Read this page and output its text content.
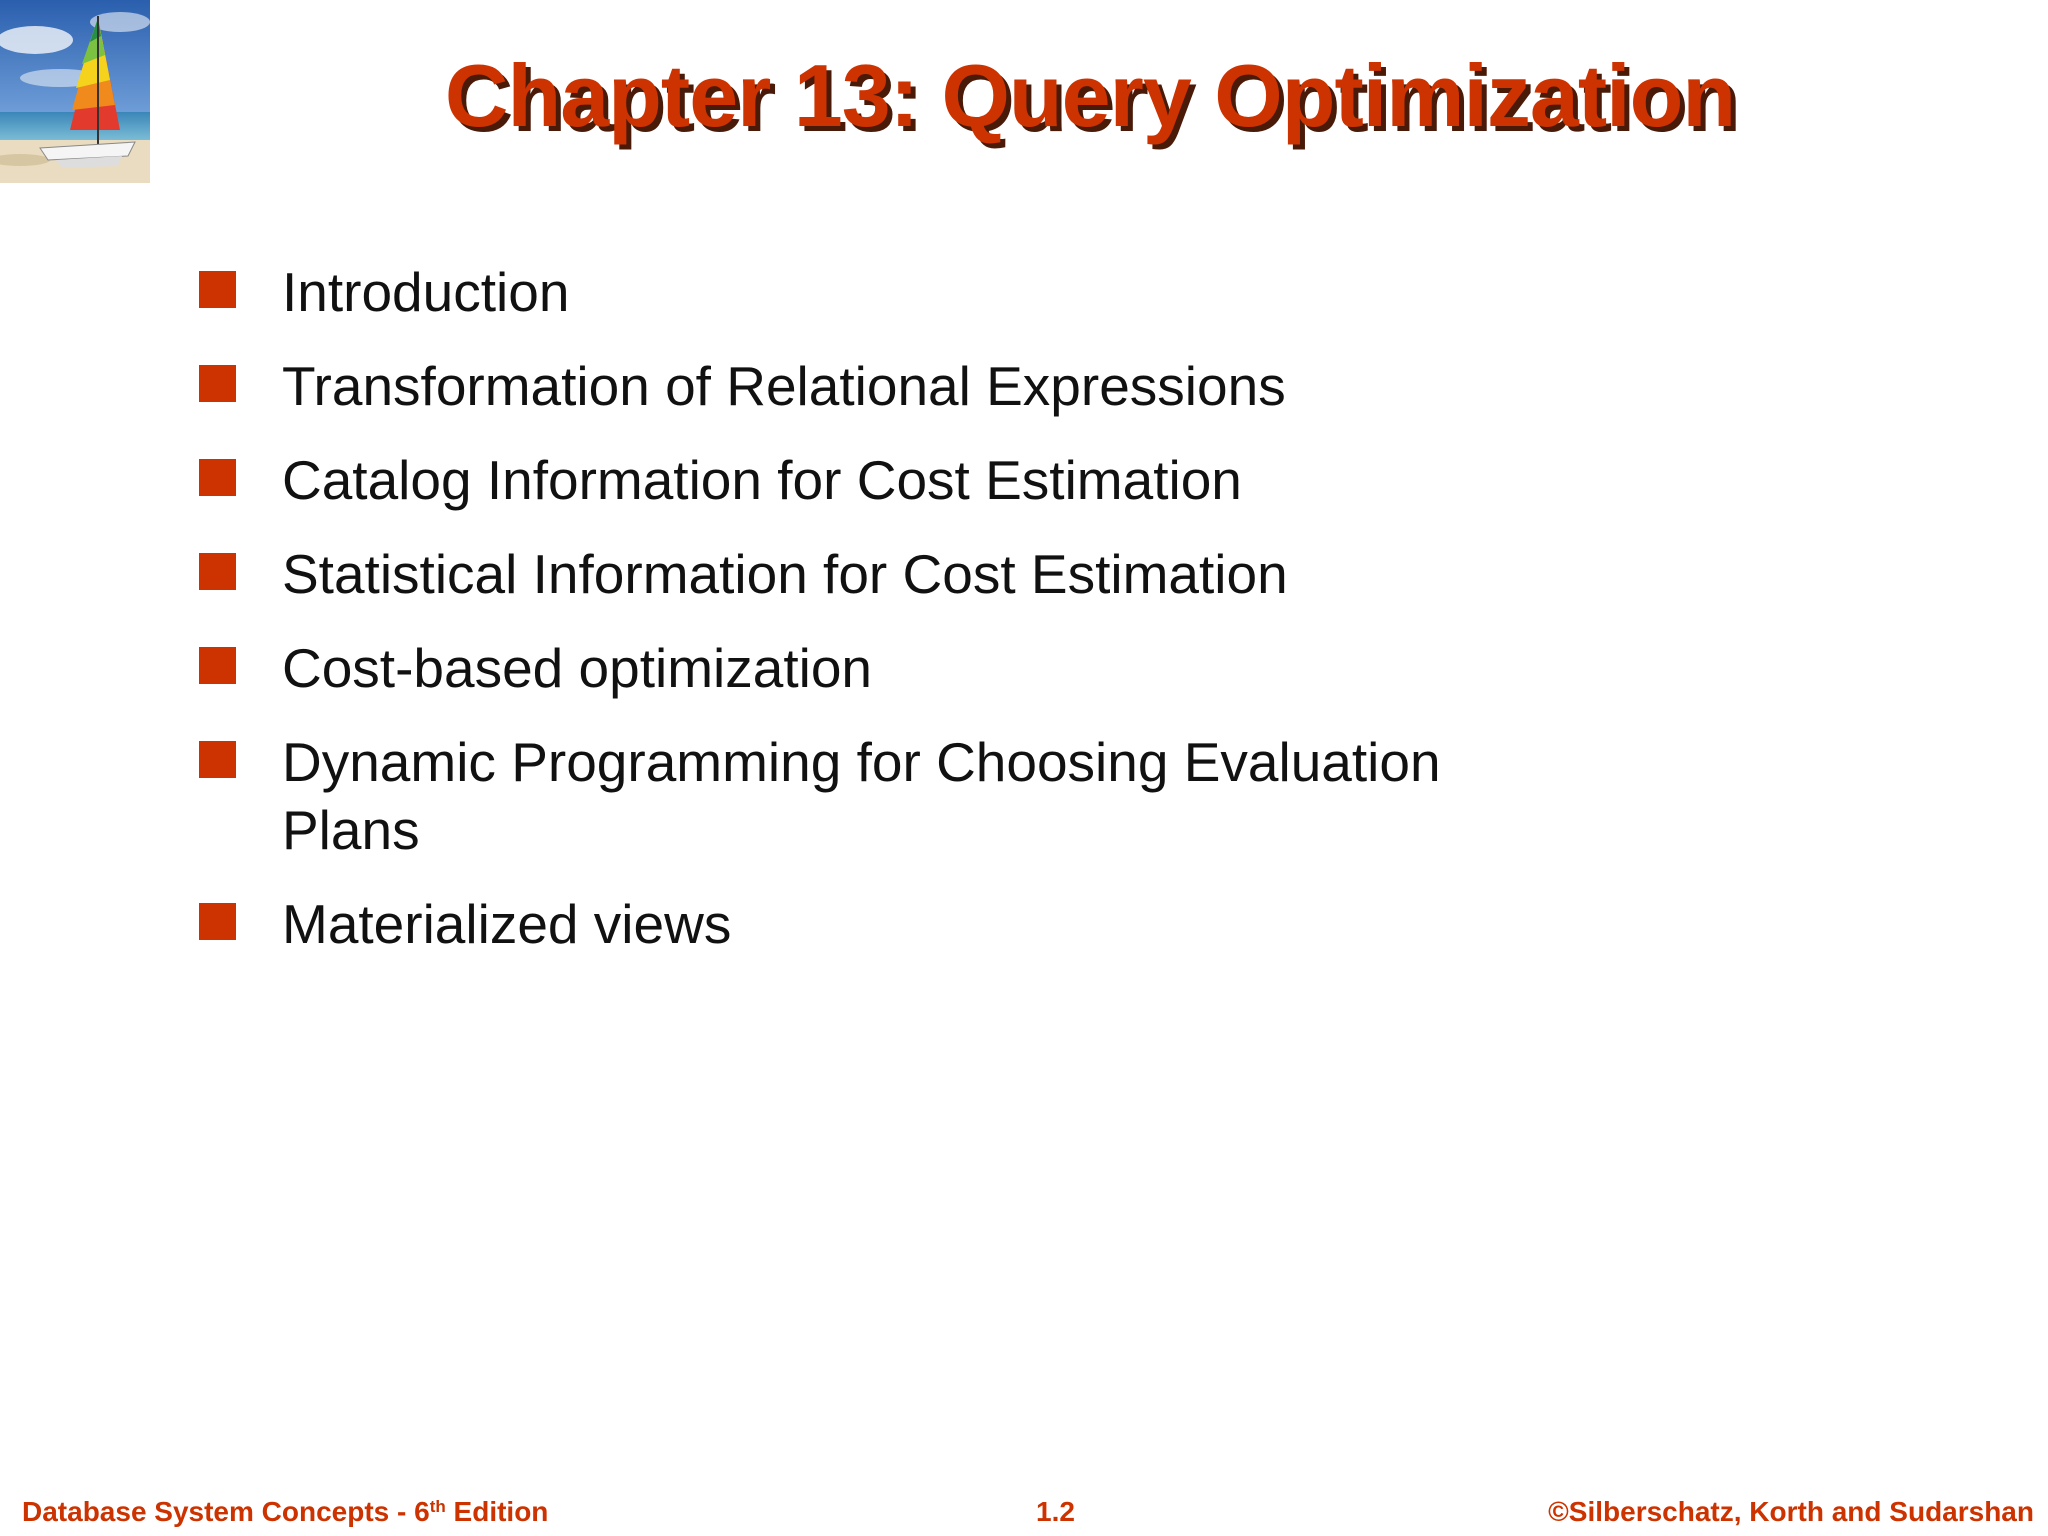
Chapter 13: Query Optimization
Introduction
Transformation of Relational Expressions
Catalog Information for Cost Estimation
Statistical Information for Cost Estimation
Cost-based optimization
Dynamic Programming for Choosing Evaluation Plans
Materialized views
Database System Concepts - 6th Edition	1.2	©Silberschatz, Korth and Sudarshan
